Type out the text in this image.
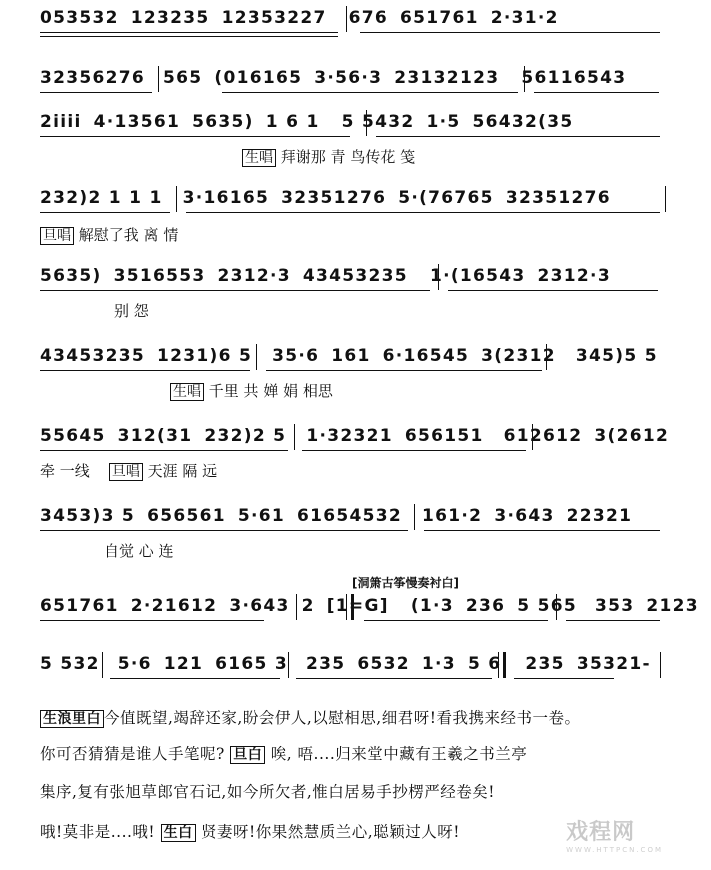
053532 123235 12353227 676 651761 2·31·2
32356276 565 (016165 3·56·3 23132123 56116543
2iiii 4·13561 5635) 1 6 1 5 5432 1·5 56432(35
生唱 拜谢那 青 鸟传花 笺
232)2 1 1 1 3·16165 32351276 5·(76765 32351276
旦唱 解慰了我 离 情
5635) 3516553 2312·3 43453235 1·(16543 2312·3
别 怨
43453235 1231)6 5 35·6 161 6·16545 3(2312 345)5 5
生唱 千里 共 婵 娟 相思
55645 312(31 232)2 5 1·32321 656151 612612 3(2612
牵 一线 旦唱 天涯 隔 远
3453)3 5 656561 5·61 61654532 161·2 3·643 22321
自觉 心 连
[洞箫古筝慢奏衬白]
651761 2·21612 3·643 2 [1=G] (1·3 236 5 565 353 2123
5 532 5·6 121 6165 3 235 6532 1·3 5 6 235 35321-
生浪里白 今值既望,竭辞还家,盼会伊人,以慰相思,细君呀!看我携来经书一卷。
你可否猜猜是谁人手笔呢? 旦白 唉, 唔....归来堂中藏有王羲之书兰亭
集序,复有张旭草郎官石记,如今所欠者,惟白居易手抄楞严经卷矣!
哦!莫非是....哦! 生白 贤妻呀!你果然慧质兰心,聪颖过人呀!	戏程网
WWW.HTTPCN.COM
